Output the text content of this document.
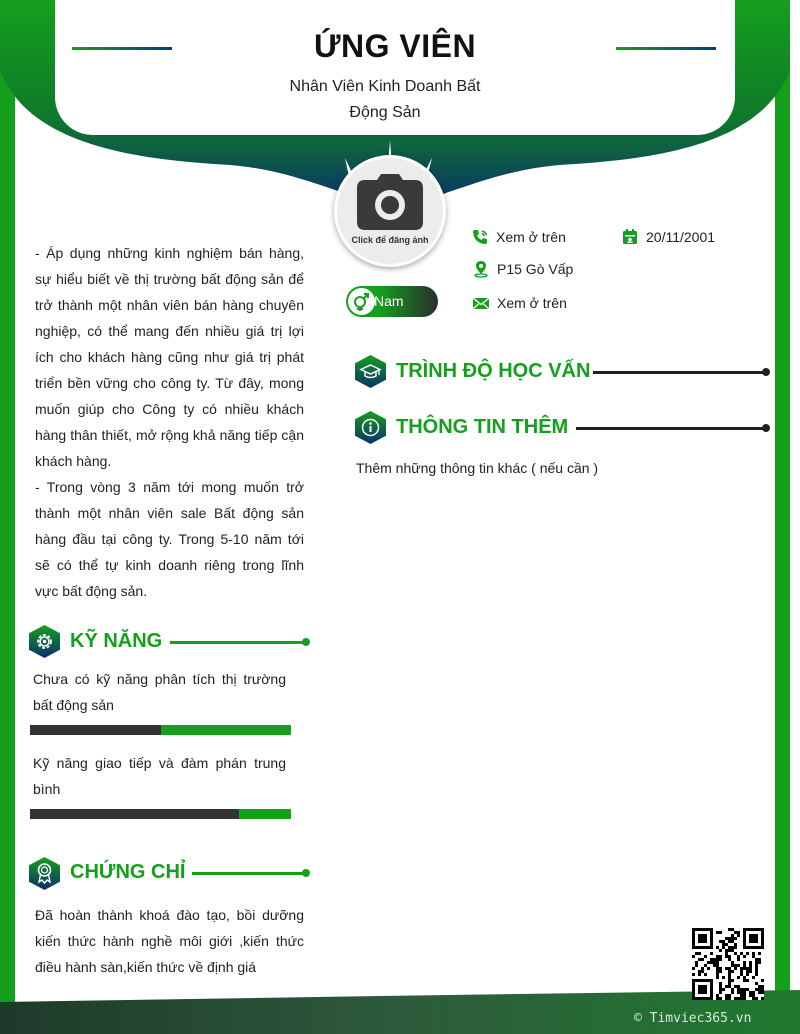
ỨNG VIÊN
Nhân Viên Kinh Doanh Bất Động Sản
Click để đăng ảnh
Nam
Xem ở trên	20/11/2001
P15 Gò Vấp
Xem ở trên

- Áp dụng những kinh nghiệm bán hàng, sự hiểu biết về thị trường bất động sản để trở thành một nhân viên bán hàng chuyên nghiệp, có thể mang đến nhiều giá trị lợi ích cho khách hàng cũng như giá trị phát triển bền vững cho công ty. Từ đây, mong muốn giúp cho Công ty có nhiều khách hàng thân thiết, mở rộng khả năng tiếp cận khách hàng.

- Trong vòng 3 năm tới mong muốn trở thành một nhân viên sale Bất động sản hàng đầu tại công ty. Trong 5-10 năm tới sẽ có thể tự kinh doanh riêng trong lĩnh vực bất động sản.

KỸ NĂNG
Chưa có kỹ năng phân tích thị trường bất động sản
Kỹ năng giao tiếp và đàm phán trung bình
CHỨNG CHỈ
Đã hoàn thành khoá đào tạo, bồi dưỡng kiến thức hành nghề môi giới ,kiến thức điều hành sàn,kiến thức về định giá
TRÌNH ĐỘ HỌC VẤN
THÔNG TIN THÊM
Thêm những thông tin khác ( nếu cần )
© Timviec365.vn
